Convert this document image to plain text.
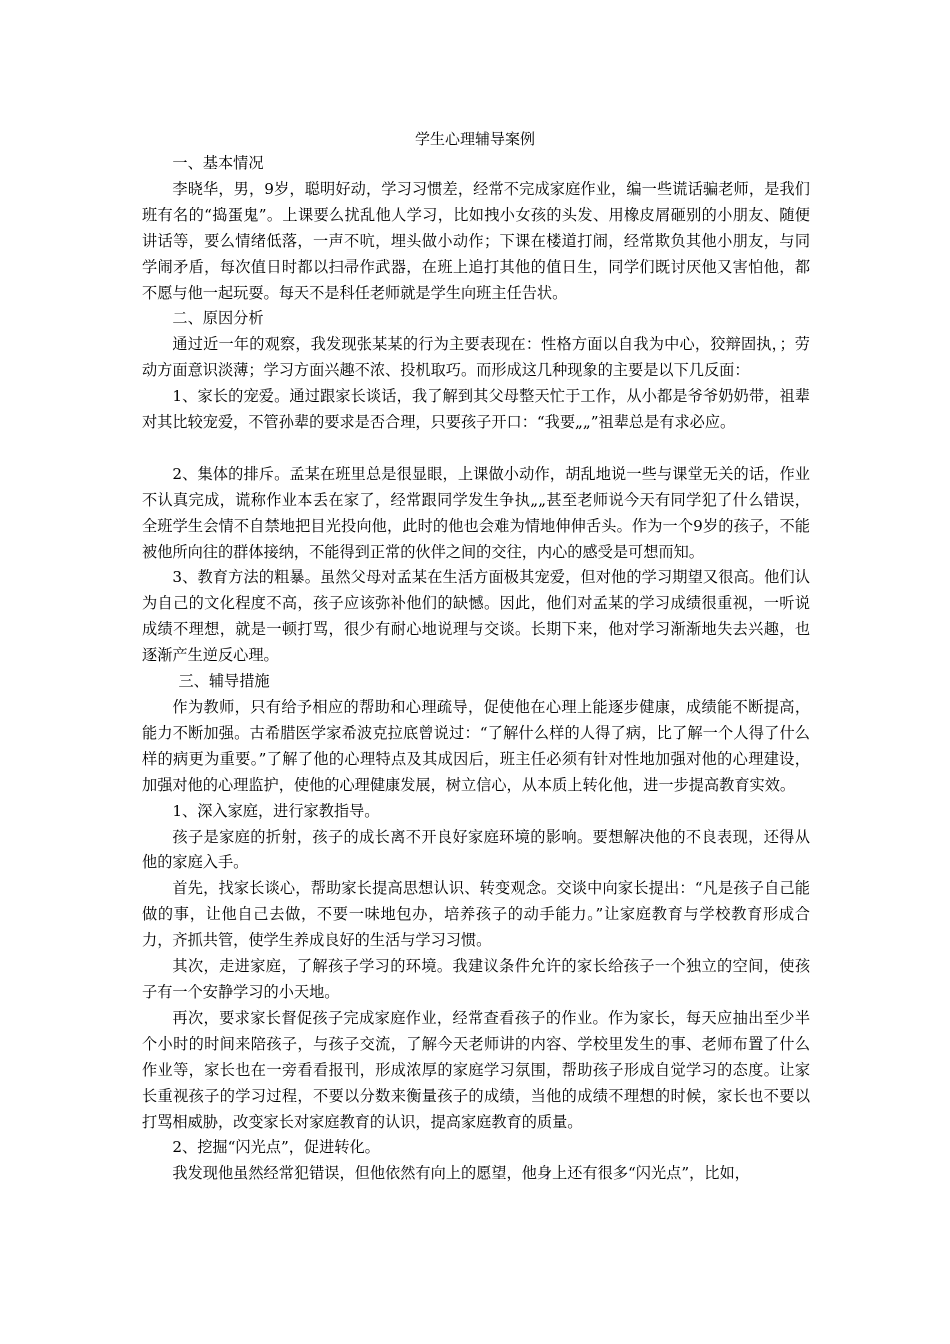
学生心理辅导案例

一、基本情况

李晓华，男，9岁，聪明好动，学习习惯差，经常不完成家庭作业，编一些谎话骗老师，是我们班有名的“捣蛋鬼”。上课要么扰乱他人学习，比如拽小女孩的头发、用橡皮屑砸别的小朋友、随便讲话等，要么情绪低落，一声不吭，埋头做小动作；下课在楼道打闹，经常欺负其他小朋友，与同学闹矛盾，每次值日时都以扫帚作武器，在班上追打其他的值日生，同学们既讨厌他又害怕他，都不愿与他一起玩耍。每天不是科任老师就是学生向班主任告状。

二、原因分析

通过近一年的观察，我发现张某某的行为主要表现在：性格方面以自我为中心，狡辩固执，；劳动方面意识淡薄；学习方面兴趣不浓、投机取巧。而形成这几种现象的主要是以下几反面：

1、家长的宠爱。通过跟家长谈话，我了解到其父母整天忙于工作，从小都是爷爷奶奶带，祖辈对其比较宠爱，不管孙辈的要求是否合理，只要孩子开口：“我要„„”祖辈总是有求必应。

2、集体的排斥。孟某在班里总是很显眼，上课做小动作，胡乱地说一些与课堂无关的话，作业不认真完成，谎称作业本丢在家了，经常跟同学发生争执„„甚至老师说今天有同学犯了什么错误，全班学生会情不自禁地把目光投向他，此时的他也会难为情地伸伸舌头。作为一个9岁的孩子，不能被他所向往的群体接纳，不能得到正常的伙伴之间的交往，内心的感受是可想而知。

3、教育方法的粗暴。虽然父母对孟某在生活方面极其宠爱，但对他的学习期望又很高。他们认为自己的文化程度不高，孩子应该弥补他们的缺憾。因此，他们对孟某的学习成绩很重视，一听说成绩不理想，就是一顿打骂，很少有耐心地说理与交谈。长期下来，他对学习渐渐地失去兴趣，也逐渐产生逆反心理。

三、辅导措施

作为教师，只有给予相应的帮助和心理疏导，促使他在心理上能逐步健康，成绩能不断提高，能力不断加强。古希腊医学家希波克拉底曾说过：“了解什么样的人得了病，比了解一个人得了什么样的病更为重要。”了解了他的心理特点及其成因后，班主任必须有针对性地加强对他的心理建设，加强对他的心理监护，使他的心理健康发展，树立信心，从本质上转化他，进一步提高教育实效。

1、深入家庭，进行家教指导。

孩子是家庭的折射，孩子的成长离不开良好家庭环境的影响。要想解决他的不良表现，还得从他的家庭入手。

首先，找家长谈心，帮助家长提高思想认识、转变观念。交谈中向家长提出：“凡是孩子自己能做的事，让他自己去做，不要一味地包办，培养孩子的动手能力。”让家庭教育与学校教育形成合力，齐抓共管，使学生养成良好的生活与学习习惯。

其次，走进家庭，了解孩子学习的环境。我建议条件允许的家长给孩子一个独立的空间，使孩子有一个安静学习的小天地。

再次，要求家长督促孩子完成家庭作业，经常查看孩子的作业。作为家长，每天应抽出至少半个小时的时间来陪孩子，与孩子交流，了解今天老师讲的内容、学校里发生的事、老师布置了什么作业等，家长也在一旁看看报刊，形成浓厚的家庭学习氛围，帮助孩子形成自觉学习的态度。让家长重视孩子的学习过程，不要以分数来衡量孩子的成绩，当他的成绩不理想的时候，家长也不要以打骂相威胁，改变家长对家庭教育的认识，提高家庭教育的质量。

2、挖掘“闪光点”，促进转化。

我发现他虽然经常犯错误，但他依然有向上的愿望，他身上还有很多“闪光点”，比如，
